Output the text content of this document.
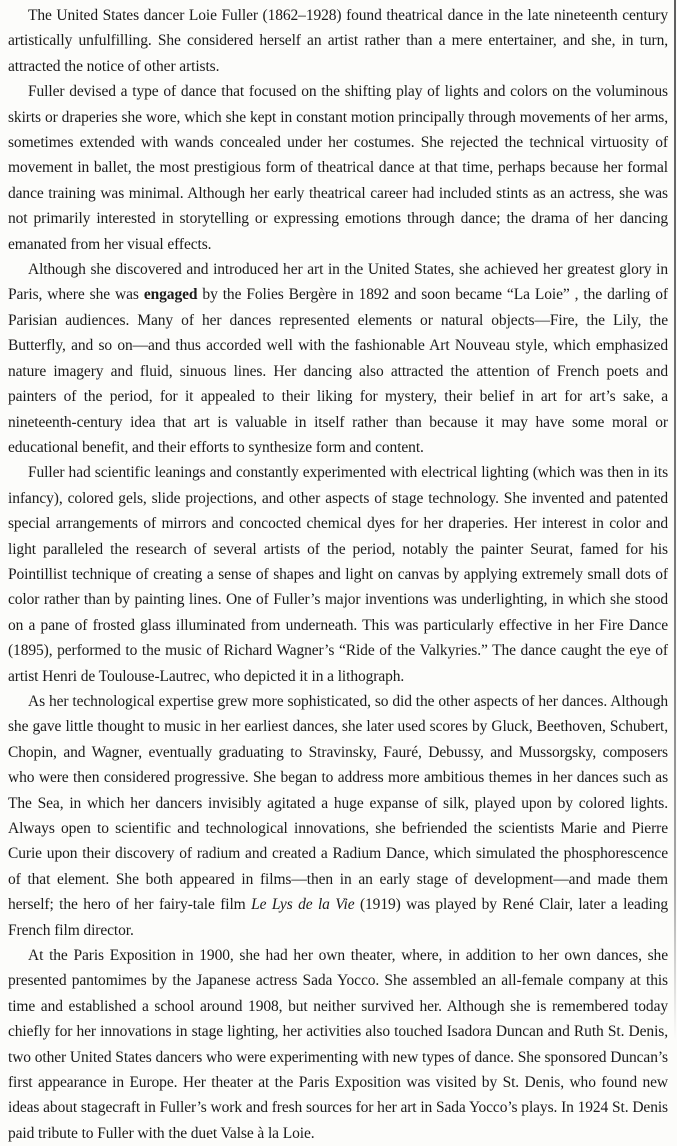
The United States dancer Loie Fuller (1862–1928) found theatrical dance in the late nineteenth century artistically unfulfilling. She considered herself an artist rather than a mere entertainer, and she, in turn, attracted the notice of other artists.

Fuller devised a type of dance that focused on the shifting play of lights and colors on the voluminous skirts or draperies she wore, which she kept in constant motion principally through movements of her arms, sometimes extended with wands concealed under her costumes. She rejected the technical virtuosity of movement in ballet, the most prestigious form of theatrical dance at that time, perhaps because her formal dance training was minimal. Although her early theatrical career had included stints as an actress, she was not primarily interested in storytelling or expressing emotions through dance; the drama of her dancing emanated from her visual effects.

Although she discovered and introduced her art in the United States, she achieved her greatest glory in Paris, where she was engaged by the Folies Bergère in 1892 and soon became “La Loie” , the darling of Parisian audiences. Many of her dances represented elements or natural objects—Fire, the Lily, the Butterfly, and so on—and thus accorded well with the fashionable Art Nouveau style, which emphasized nature imagery and fluid, sinuous lines. Her dancing also attracted the attention of French poets and painters of the period, for it appealed to their liking for mystery, their belief in art for art’s sake, a nineteenth-century idea that art is valuable in itself rather than because it may have some moral or educational benefit, and their efforts to synthesize form and content.

Fuller had scientific leanings and constantly experimented with electrical lighting (which was then in its infancy), colored gels, slide projections, and other aspects of stage technology. She invented and patented special arrangements of mirrors and concocted chemical dyes for her draperies. Her interest in color and light paralleled the research of several artists of the period, notably the painter Seurat, famed for his Pointillist technique of creating a sense of shapes and light on canvas by applying extremely small dots of color rather than by painting lines. One of Fuller’s major inventions was underlighting, in which she stood on a pane of frosted glass illuminated from underneath. This was particularly effective in her Fire Dance (1895), performed to the music of Richard Wagner’s “Ride of the Valkyries.” The dance caught the eye of artist Henri de Toulouse-Lautrec, who depicted it in a lithograph.

As her technological expertise grew more sophisticated, so did the other aspects of her dances. Although she gave little thought to music in her earliest dances, she later used scores by Gluck, Beethoven, Schubert, Chopin, and Wagner, eventually graduating to Stravinsky, Fauré, Debussy, and Mussorgsky, composers who were then considered progressive. She began to address more ambitious themes in her dances such as The Sea, in which her dancers invisibly agitated a huge expanse of silk, played upon by colored lights. Always open to scientific and technological innovations, she befriended the scientists Marie and Pierre Curie upon their discovery of radium and created a Radium Dance, which simulated the phosphorescence of that element. She both appeared in films—then in an early stage of development—and made them herself; the hero of her fairy-tale film Le Lys de la Vie (1919) was played by René Clair, later a leading French film director.

At the Paris Exposition in 1900, she had her own theater, where, in addition to her own dances, she presented pantomimes by the Japanese actress Sada Yocco. She assembled an all-female company at this time and established a school around 1908, but neither survived her. Although she is remembered today chiefly for her innovations in stage lighting, her activities also touched Isadora Duncan and Ruth St. Denis, two other United States dancers who were experimenting with new types of dance. She sponsored Duncan’s first appearance in Europe. Her theater at the Paris Exposition was visited by St. Denis, who found new ideas about stagecraft in Fuller’s work and fresh sources for her art in Sada Yocco’s plays. In 1924 St. Denis paid tribute to Fuller with the duet Valse à la Loie.
